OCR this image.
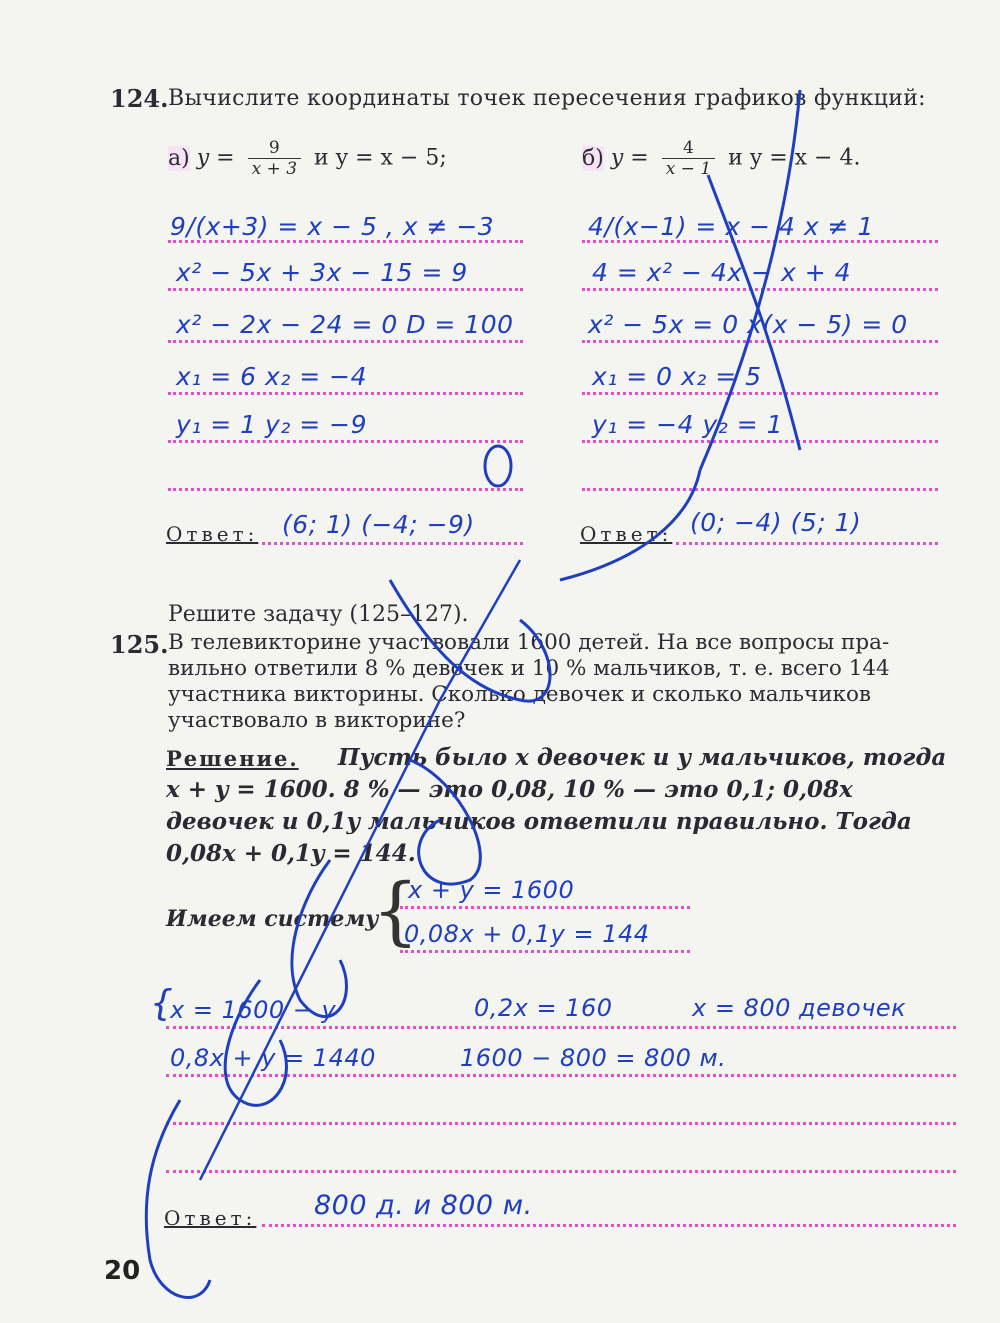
124. Вычислите координаты точек пересечения графиков функций:
а) $y = \frac{9}{x + 3}$ и y = x − 5;	б) $y = \frac{4}{x - 1}$ и y = x − 4.
9/(x+3) = x − 5 , x ≠ −3
x² − 5x + 3x − 15 = 9
x² − 2x − 24 = 0 D = 100
x₁ = 6 x₂ = −4
y₁ = 1 y₂ = −9
Ответ: (6; 1) (−4; −9)
4/(x−1) = x − 4 x ≠ 1
4 = x² − 4x − x + 4
x² − 5x = 0 x(x − 5) = 0
x₁ = 0 x₂ = 5
y₁ = −4 y₂ = 1
Ответ: (0; −4) (5; 1)
Решите задачу (125–127).
125. В телевикторине участвовали 1600 детей. На все вопросы пра-
вильно ответили 8 % девочек и 10 % мальчиков, т. е. всего 144
участника викторины. Сколько девочек и сколько мальчиков
участвовало в викторине?
Решение. Пусть было x девочек и y мальчиков, тогда
x + y = 1600. 8 % — это 0,08, 10 % — это 0,1; 0,08x
девочек и 0,1y мальчиков ответили правильно. Тогда
0,08x + 0,1y = 144.
Имеем систему
{
x + y = 1600
0,08x + 0,1y = 144
{
x = 1600 − y
0,8x + y = 1440
0,2x = 160	x = 800 девочек
1600 − 800 = 800 м.
Ответ: 800 д. и 800 м.
20
